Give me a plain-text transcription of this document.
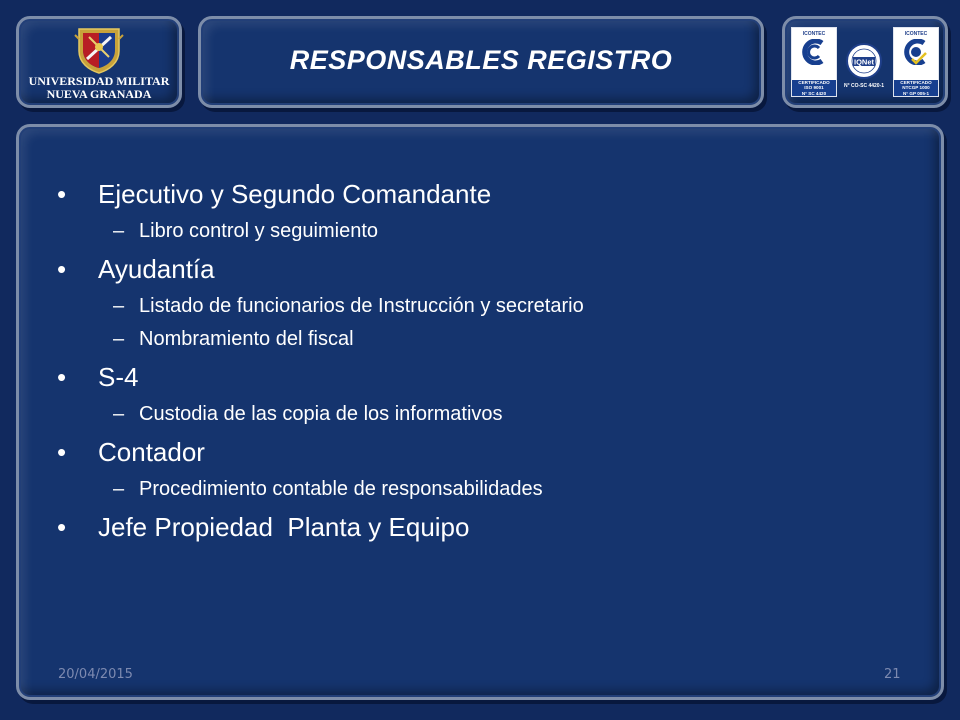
UNIVERSIDAD MILITAR
NUEVA GRANADA
RESPONSABLES REGISTRO
ICONTEC
CERTIFICADO
ISO 9001
N° SC 4420
IQNet
N° CO-SC 4420-1
ICONTEC
CERTIFICADO
NTCGP 1000
N° GP 005-1
• Ejecutivo y Segundo Comandante
– Libro control y seguimiento
• Ayudantía
– Listado de funcionarios de Instrucción y secretario
– Nombramiento del fiscal
• S-4
– Custodia de las copia de los informativos
• Contador
– Procedimiento contable de responsabilidades
• Jefe Propiedad  Planta y Equipo
20/04/2015	21
